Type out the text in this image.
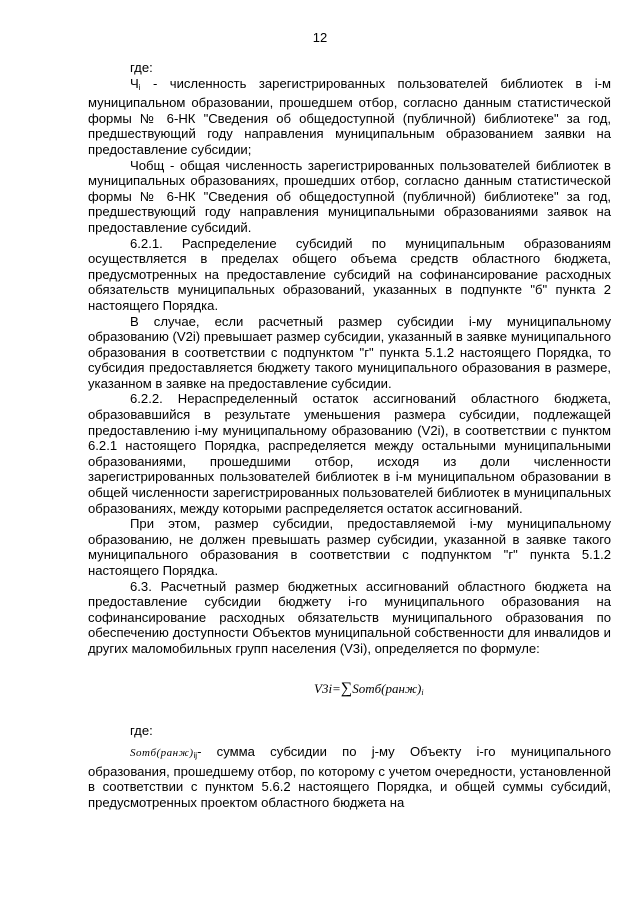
12

где:

$Ч_i$ - численность зарегистрированных пользователей библиотек в i-м муниципальном образовании, прошедшем отбор, согласно данным статистической формы № 6-НК "Сведения об общедоступной (публичной) библиотеке" за год, предшествующий году направления муниципальным образованием заявки на предоставление субсидии;

Чобщ - общая численность зарегистрированных пользователей библиотек в муниципальных образованиях, прошедших отбор, согласно данным статистической формы № 6-НК "Сведения об общедоступной (публичной) библиотеке" за год, предшествующий году направления муниципальными образованиями заявок на предоставление субсидий.

6.2.1. Распределение субсидий по муниципальным образованиям осуществляется в пределах общего объема средств областного бюджета, предусмотренных на предоставление субсидий на софинансирование расходных обязательств муниципальных образований, указанных в подпункте "б" пункта 2 настоящего Порядка.

В случае, если расчетный размер субсидии i-му муниципальному образованию (V2i) превышает размер субсидии, указанный в заявке муниципального образования в соответствии с подпунктом "г" пункта 5.1.2 настоящего Порядка, то субсидия предоставляется бюджету такого муниципального образования в размере, указанном в заявке на предоставление субсидии.

6.2.2. Нераспределенный остаток ассигнований областного бюджета, образовавшийся в результате уменьшения размера субсидии, подлежащей предоставлению i-му муниципальному образованию (V2i), в соответствии с пунктом 6.2.1 настоящего Порядка, распределяется между остальными муниципальными образованиями, прошедшими отбор, исходя из доли численности зарегистрированных пользователей библиотек в i-м муниципальном образовании в общей численности зарегистрированных пользователей библиотек в муниципальных образованиях, между которыми распределяется остаток ассигнований.

При этом, размер субсидии, предоставляемой i-му муниципальному образованию, не должен превышать размер субсидии, указанной в заявке такого муниципального образования в соответствии с подпунктом "г" пункта 5.1.2 настоящего Порядка.

6.3. Расчетный размер бюджетных ассигнований областного бюджета на предоставление субсидии бюджету i-го муниципального образования на софинансирование расходных обязательств муниципального образования по обеспечению доступности Объектов муниципальной собственности для инвалидов и других маломобильных групп населения (V3i), определяется по формуле:

$V3i=\sum Somб(ранж)_i$

где:

$Sотб(ранж)_{ij}-$ сумма субсидии по j-му Объекту i-го муниципального образования, прошедшему отбор, по которому с учетом очередности, установленной в соответствии с пунктом 5.6.2 настоящего Порядка, и общей суммы субсидий, предусмотренных проектом областного бюджета на
